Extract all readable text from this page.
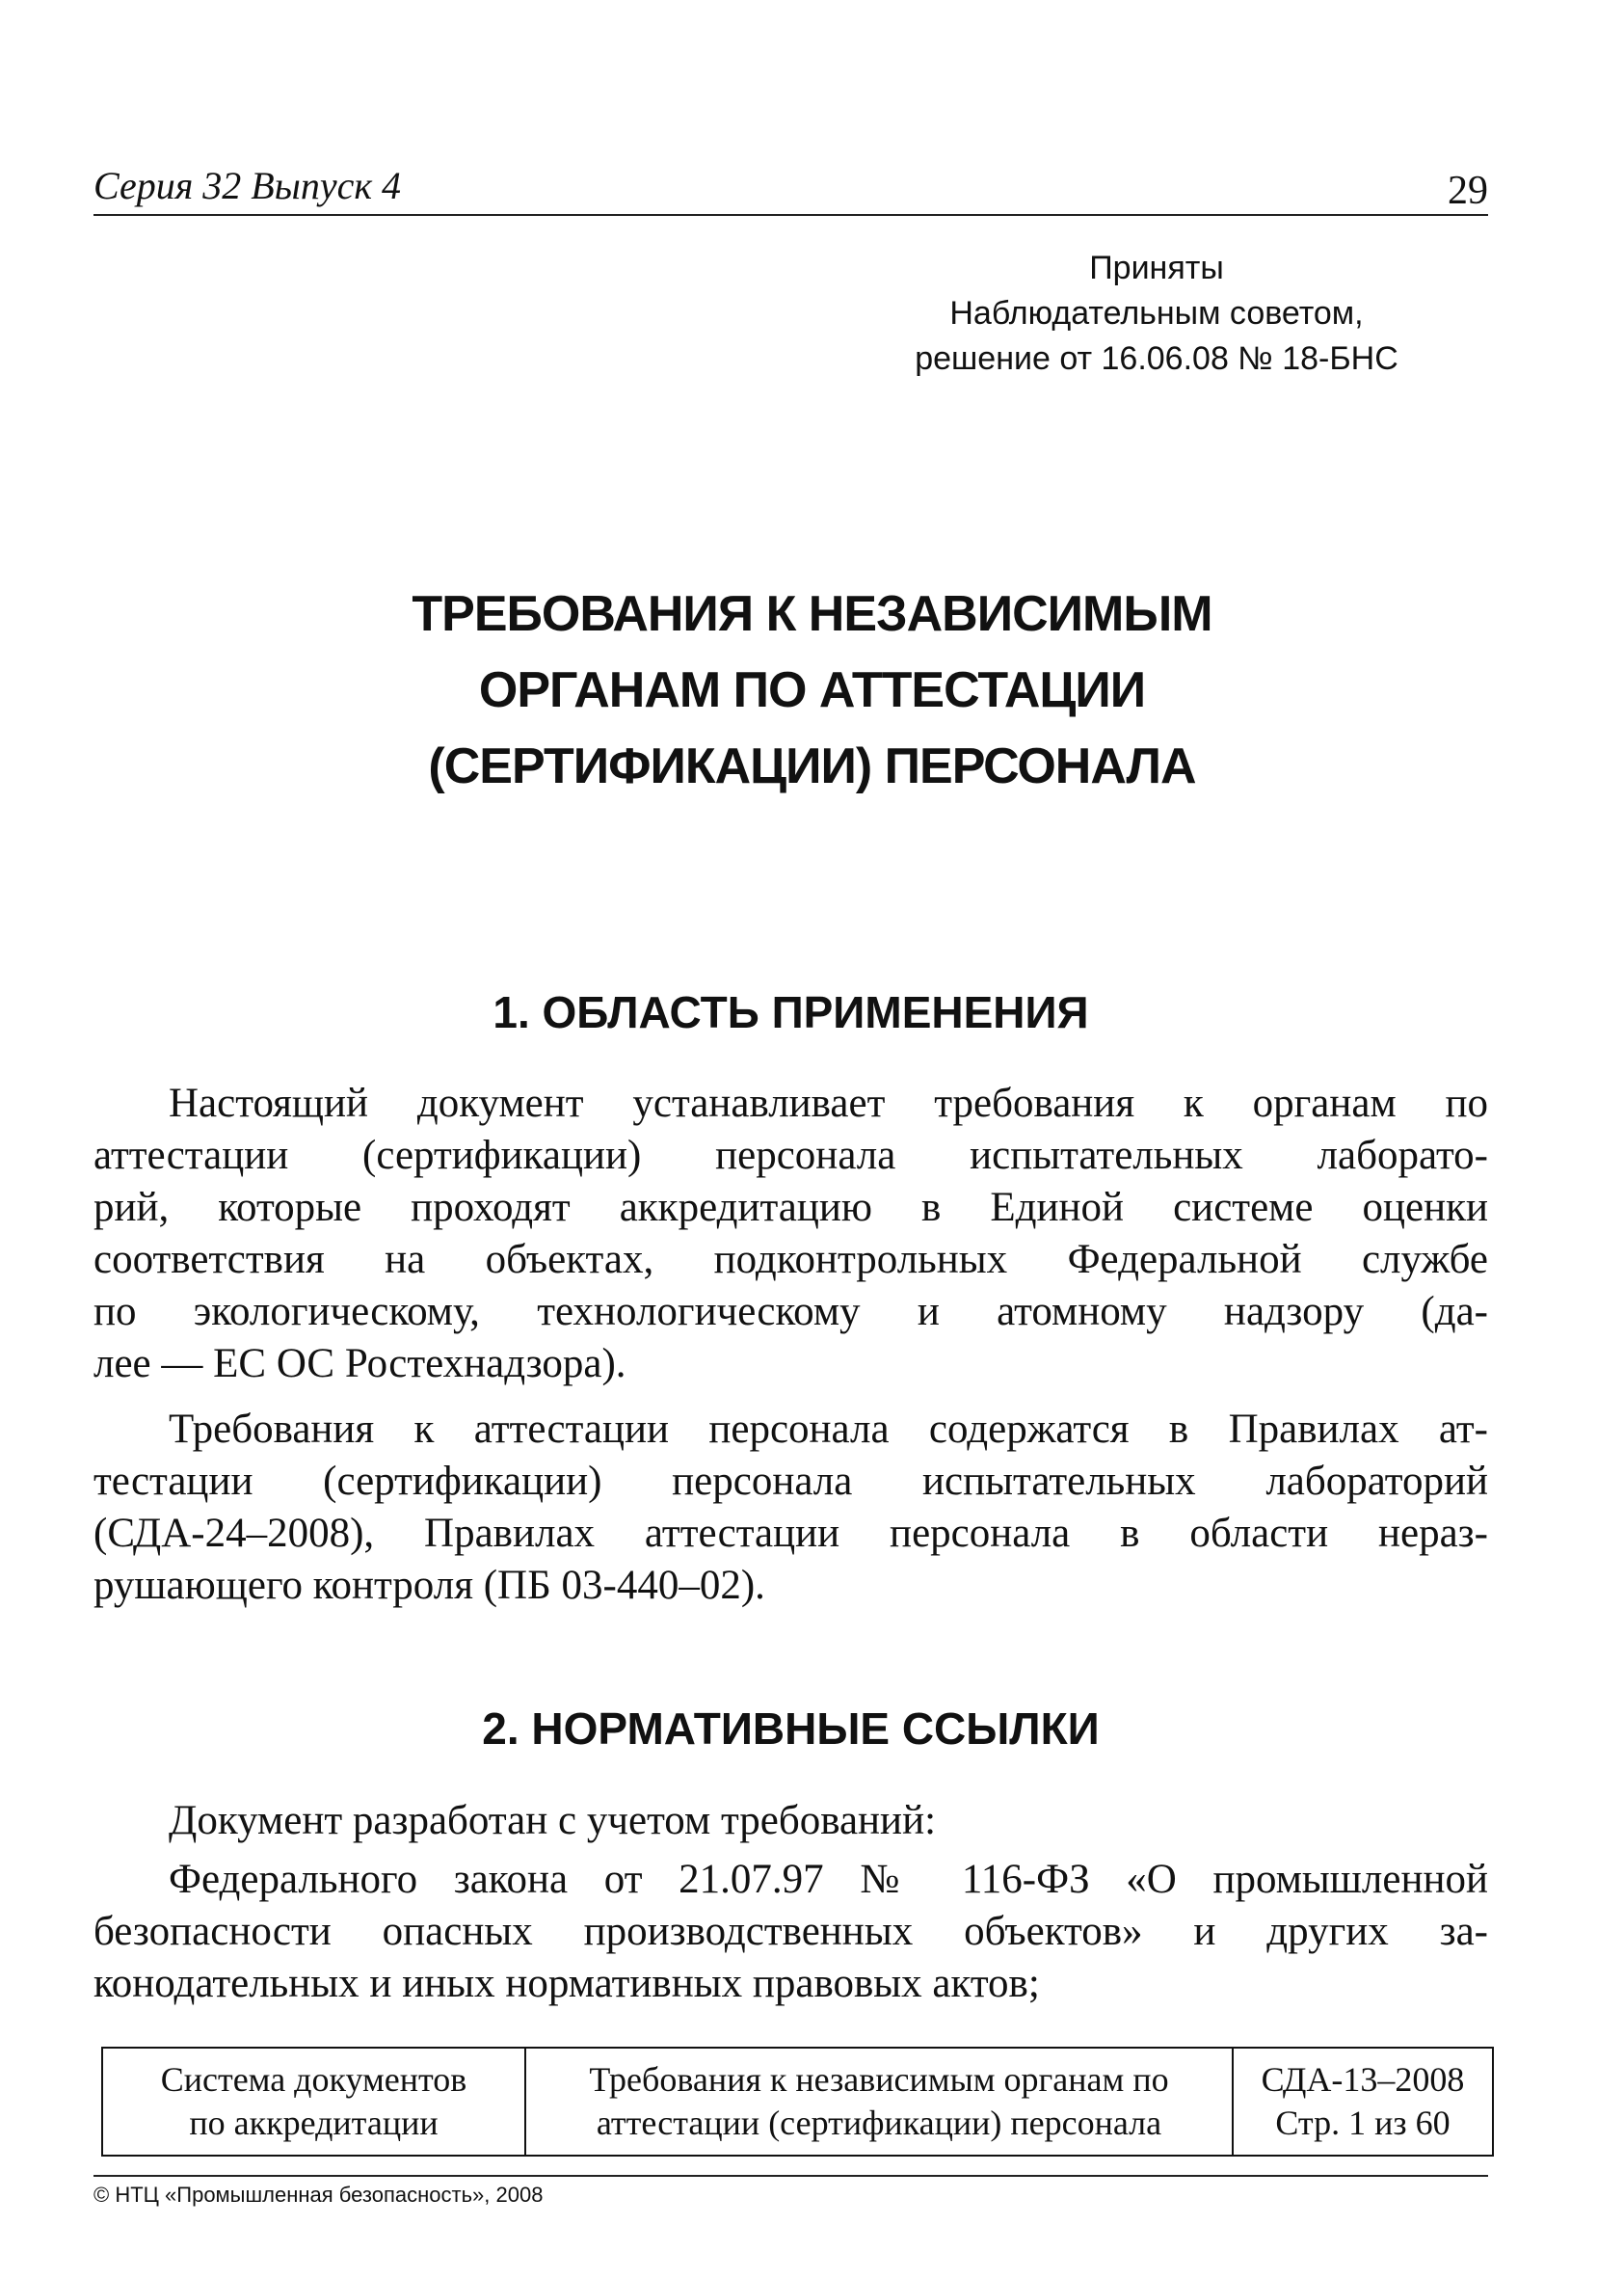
Серия 32 Выпуск 4	29
Приняты
Наблюдательным советом,
решение от 16.06.08 № 18-БНС
ТРЕБОВАНИЯ К НЕЗАВИСИМЫМ
ОРГАНАМ ПО АТТЕСТАЦИИ
(СЕРТИФИКАЦИИ) ПЕРСОНАЛА
1. ОБЛАСТЬ ПРИМЕНЕНИЯ
Настоящий документ устанавливает требования к органам по
аттестации (сертификации) персонала испытательных лаборато-
рий, которые проходят аккредитацию в Единой системе оценки
соответствия на объектах, подконтрольных Федеральной службе
по экологическому, технологическому и атомному надзору (да-
лее — ЕС ОС Ростехнадзора).
Требования к аттестации персонала содержатся в Правилах ат-
тестации (сертификации) персонала испытательных лабораторий
(СДА-24–2008), Правилах аттестации персонала в области нераз-
рушающего контроля (ПБ 03-440–02).
2. НОРМАТИВНЫЕ ССЫЛКИ
Документ разработан с учетом требований:
Федерального закона от 21.07.97 № 116-ФЗ «О промышленной
безопасности опасных производственных объектов» и других за-
конодательных и иных нормативных правовых актов;
Система документов
по аккредитации

Требования к независимым органам по
аттестации (сертификации) персонала

СДА-13–2008
Стр. 1 из 60
© НТЦ «Промышленная безопасность», 2008
